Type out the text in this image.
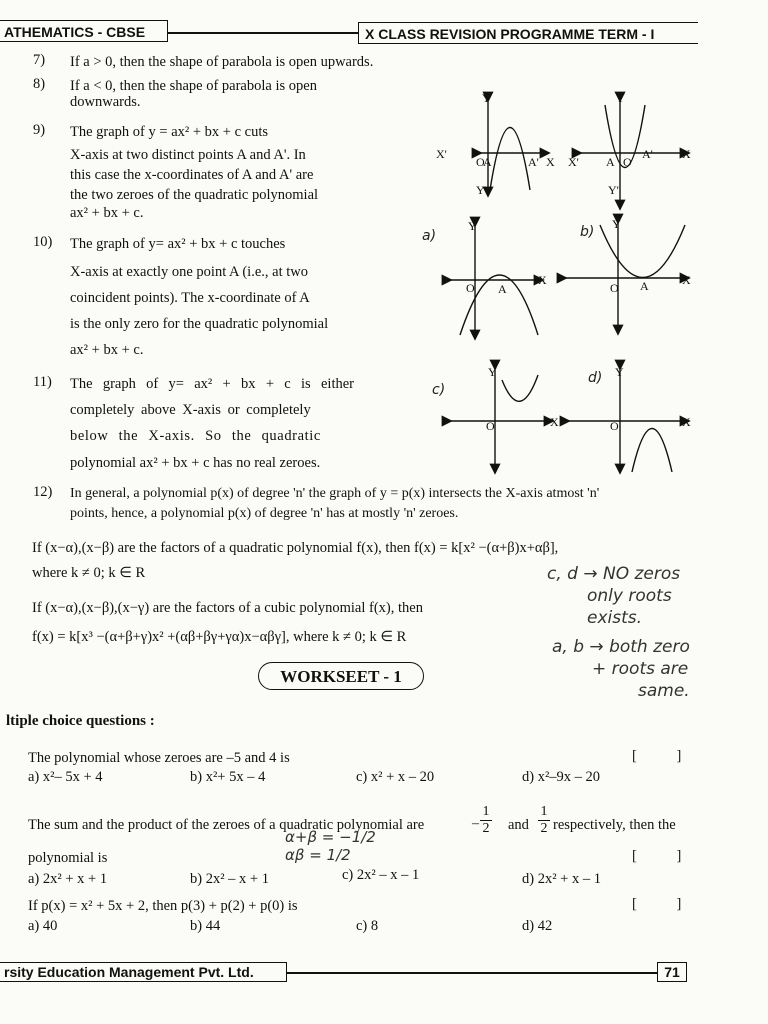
ATHEMATICS - CBSE	X CLASS REVISION PROGRAMME TERM - I
7) If a > 0, then the shape of parabola is open upwards.
8) If a < 0, then the shape of parabola is open
downwards.
9) The graph of y = ax² + bx + c cuts
X-axis at two distinct points A and A'. In
this case the x-coordinates of A and A' are
the two zeroes of the quadratic polynomial
ax² + bx + c.
10) The graph of y= ax² + bx + c touches
X-axis at exactly one point A (i.e., at two
coincident points). The x-coordinate of A
is the only zero for the quadratic polynomial
ax² + bx + c.
11) The graph of y= ax² + bx + c is either
completely above X-axis or completely
below the X-axis. So the quadratic
polynomial ax² + bx + c has no real zeroes.
12) In general, a polynomial p(x) of degree 'n' the graph of y = p(x) intersects the X-axis atmost 'n'
points, hence, a polynomial p(x) of degree 'n' has at mostly 'n' zeroes.
If (x−α),(x−β) are the factors of a quadratic polynomial f(x), then f(x) = k[x² −(α+β)x+αβ],
where k ≠ 0; k ∈ R
If (x−α),(x−β),(x−γ) are the factors of a cubic polynomial f(x), then
f(x) = k[x³ −(α+β+γ)x² +(αβ+βγ+γα)x−αβγ], where k ≠ 0; k ∈ R
c, d → NO zeros
only roots
exists.
a, b → both zero
+ roots are
same.
WORKSEET - 1
ltiple choice questions :
The polynomial whose zeroes are –5 and 4 is	[ ]
a) x²– 5x + 4	b) x²+ 5x – 4	c) x² + x – 20	d) x²–9x – 20
The sum and the product of the zeroes of a quadratic polynomial are	–
1
2 and $\frac{1}{2}$ respectively, then the
polynomial is	[ ]
a) 2x² + x + 1	b) 2x² – x + 1	c) 2x² – x – 1	d) 2x² + x – 1
α+β = −1/2
αβ = 1/2
If p(x) = x² + 5x + 2, then p(3) + p(2) + p(0) is	[ ]
a) 40	b) 44	c) 8	d) 42
rsity Education Management Pvt. Ltd.	71
X'
Y
Y'
O
A	A' X X'
Y
Y'
A O
A' X
Y
O A
X
Y
O A	X
Y
O	X
Y
O	X
a)	b)
c)
d)
